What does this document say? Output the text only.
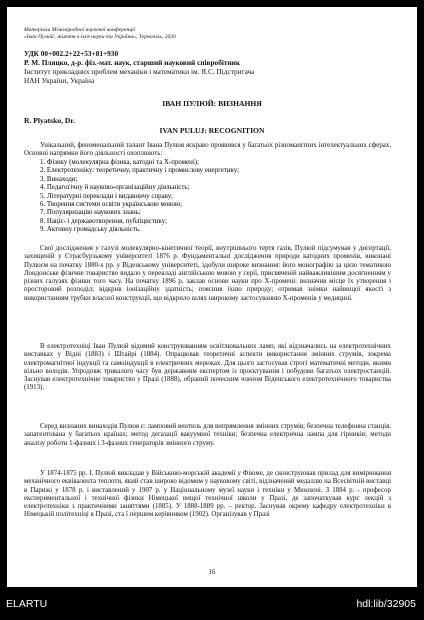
Матеріали Міжнародної наукової конференції
«Іван Пулюй: життя в ім'я науки та України», Тернопіль, 2020
УДК 00+002.2+22+53+81+930
Р. М. Пляцко, д-р. фіз.-мат. наук, старший науковий співробітник
Інститут прикладних проблем механіки і математики ім. Я.С. Підстригача
НАН України, Україна
ІВАН ПУЛЮЙ: ВИЗНАННЯ
R. Plyatsko, Dr.
IVAN PULUJ: RECOGNITION
Унікальний, феноменальний талант Івана Пулюя яскраво проявився у багатьох різноманітних інтелектуальних сферах. Основні напрямки його діяльності охоплюють:
1. Фізику (молекулярна фізика, катодні та Х-промені);
2. Електротехніку: теоретичну, практичну і промислову енергетику;
3. Винаходи;
4. Педагогічну й науково-організаційну діяльність;
5. Літературні переклади і видавничу справу;
6. Творення системи освіти українською мовою;
7. Популяризацію наукових знань;
8. Націє- і державотворення, публіцистику;
9. Активну громадську діяльність.
Свої дослідження у галузі молекулярно-кінетичної теорії, внутрішнього тертя газів, Пулюй підсумував у дисертації, захищеній у Страсбурзькому університеті 1876 р. Фундаментальні дослідження природи катодних променів, виконані Пулюєм на початку 1880-х рр. у Віденському університеті, здобули широке визнання: його монографію за цією тематикою Лондонське фізичне товариство видало у перекладі англійською мовою у серії, присвяченій найважливішим досягненням у різних галузях фізики того часу. На початку 1896 р. заклав основи науки про Х-промені: визначив місце їх утворення і просторовий розподіл; відкрив іонізаційну здатність; пояснив їхню природу; отримав знімки найвищої якості з використанням трубки власної конструкції, що відкрило шлях широкому застосуванню Х-променів у медицині.
В електротехніці Іван Пулюй відомий конструюванням освітлювальних ламп, які відзначались на електротехнічних виставках у Відні (1883) і Штайрі (1884). Опрацював теоретичні аспекти використання змінних струмів, зокрема електромагнітної індукції та самоіндукції в електричних мережах. Для цього застосував строгі математичні методи, якими вільно володів. Упродовж тривалого часу був державним експертом із проєктування і побудови багатьох електростанцій. Заснував електротехнічне товариство у Празі (1888), обраний почесним членом Віденського електротехнічного товариства (1913).
Серед визнаних винаходів Пулюя є: ламповий вентиль для випрямлення змінних струмів; безпечна телефонна станція, запатентована у багатьох країнах; метод дегазації вакуумної техніки; безпечна електрична лампа для гірників; методи аналізу роботи 1-фазних і 3-фазних генераторів змінного струму.
У 1874-1875 рр. І. Пулюй викладав у Військово-морській академії у Фіюме, де сконструював прилад для вимірювання механічного еквівалента теплоти, який став широко відомим у науковому світі, відзначений медаллю на Всесвітній виставці в Парижі у 1878 р. і виставлений у 1907 р. у Національному музеї науки і техніки у Мюнхені. З 1884 р. - професор експериментальної і технічної фізики Німецької вищої технічної школи у Празі, де започаткував курс лекцій з електротехніки з практичними заняттями (1885). У 1888-1889 рр. – ректор. Заснував окрему кафедру електротехніки в Німецькій політехніці в Празі, ста ї першим керівником (1902). Організував у Празі
16
ELARTU	hdl:lib/32905
